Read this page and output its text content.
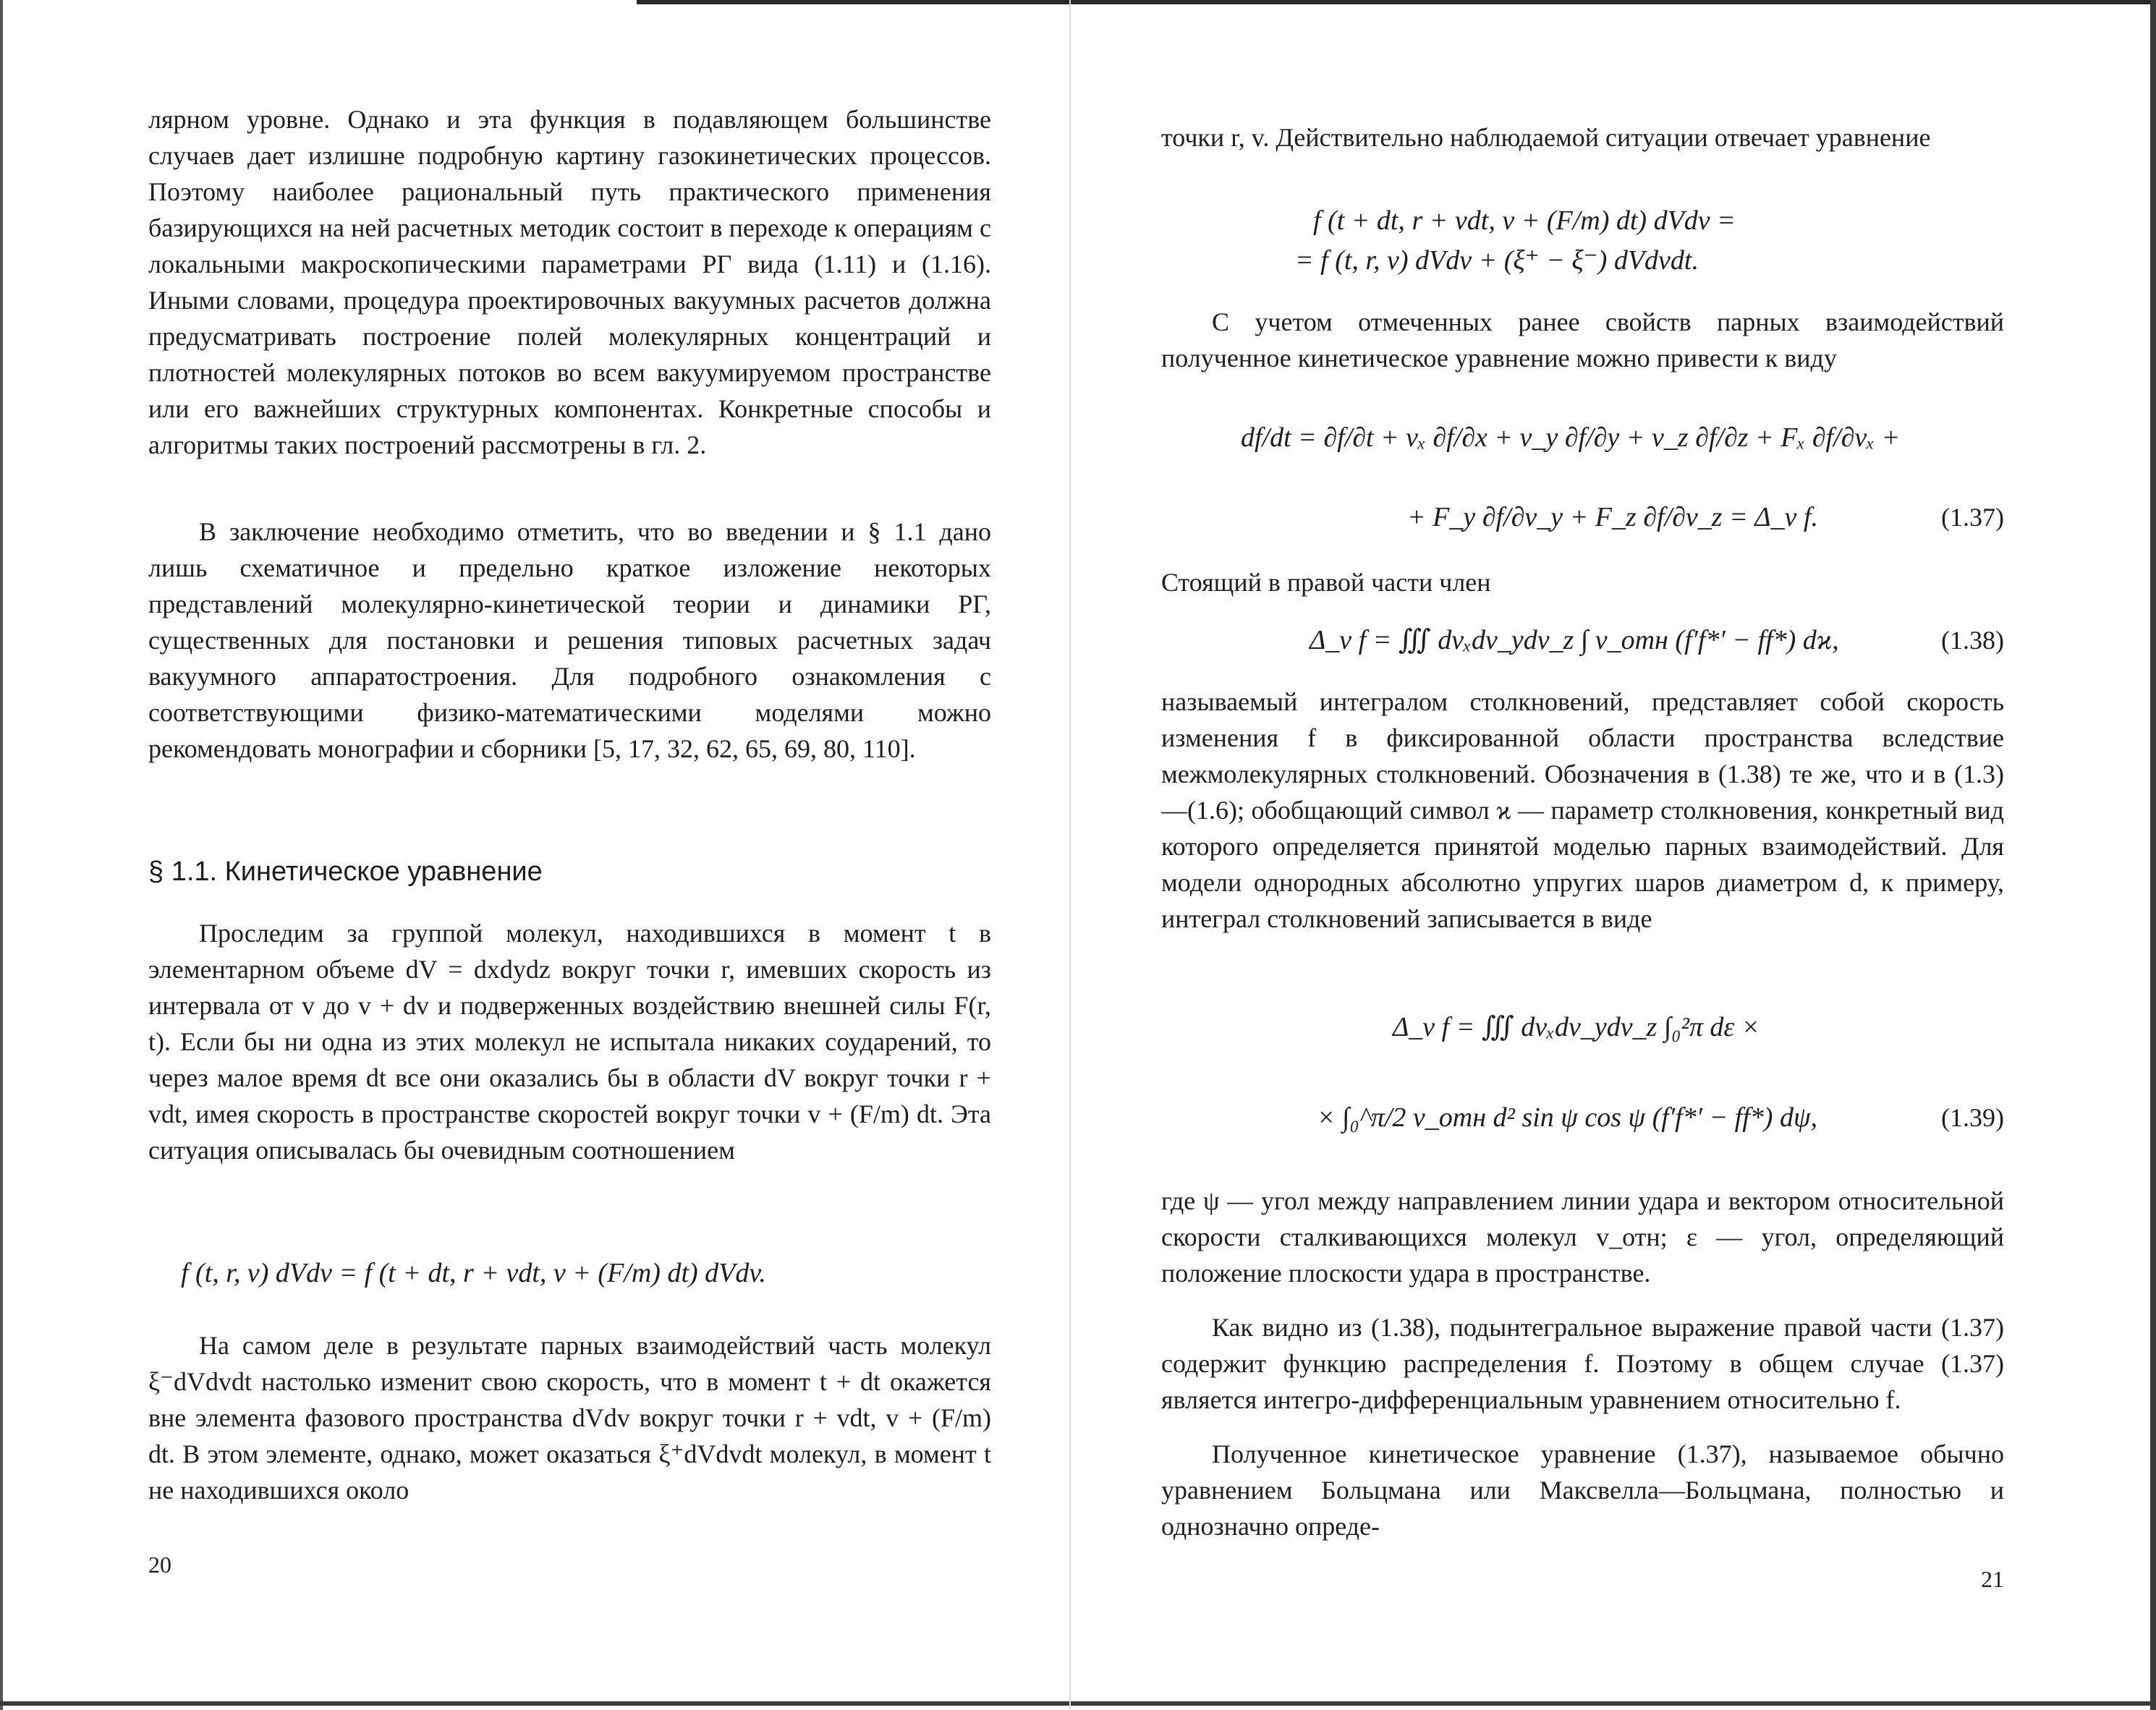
лярном уровне. Однако и эта функция в подавляющем большинстве случаев дает излишне подробную картину газокинетических процессов. Поэтому наиболее рациональный путь практического применения базирующихся на ней расчетных методик состоит в переходе к операциям с локальными макроскопическими параметрами РГ вида (1.11) и (1.16). Иными словами, процедура проектировочных вакуумных расчетов должна предусматривать построение полей молекулярных концентраций и плотностей молекулярных потоков во всем вакуумируемом пространстве или его важнейших структурных компонентах. Конкретные способы и алгоритмы таких построений рассмотрены в гл. 2.

В заключение необходимо отметить, что во введении и § 1.1 дано лишь схематичное и предельно краткое изложение некоторых представлений молекулярно-кинетической теории и динамики РГ, существенных для постановки и решения типовых расчетных задач вакуумного аппаратостроения. Для подробного ознакомления с соответствующими физико-математическими моделями можно рекомендовать монографии и сборники [5, 17, 32, 62, 65, 69, 80, 110].

§ 1.1. Кинетическое уравнение

Проследим за группой молекул, находившихся в момент t в элементарном объеме dV = dxdydz вокруг точки r, имевших скорость из интервала от v до v + dv и подверженных воздействию внешней силы F(r, t). Если бы ни одна из этих молекул не испытала никаких соударений, то через малое время dt все они оказались бы в области dV вокруг точки r + vdt, имея скорость в пространстве скоростей вокруг точки v + (F/m) dt. Эта ситуация описывалась бы очевидным соотношением

f (t, r, v) dVdv = f (t + dt, r + vdt, v + (F/m) dt) dVdv.

На самом деле в результате парных взаимодействий часть молекул ξ⁻dVdvdt настолько изменит свою скорость, что в момент t + dt окажется вне элемента фазового пространства dVdv вокруг точки r + vdt, v + (F/m) dt. В этом элементе, однако, может оказаться ξ⁺dVdvdt молекул, в момент t не находившихся около

20

точки r, v. Действительно наблюдаемой ситуации отвечает уравнение

f (t + dt, r + vdt, v + (F/m) dt) dVdv =
= f (t, r, v) dVdv + (ξ⁺ − ξ⁻) dVdvdt.

С учетом отмеченных ранее свойств парных взаимодействий полученное кинетическое уравнение можно привести к виду

df/dt = ∂f/∂t + vₓ ∂f/∂x + v_y ∂f/∂y + v_z ∂f/∂z + Fₓ ∂f/∂vₓ +
+ F_y ∂f/∂v_y + F_z ∂f/∂v_z = Δ_v f.	(1.37)

Стоящий в правой части член

Δ_v f = ∭ dvₓdv_ydv_z ∫ v_отн (f′f*′ − ff*) dϰ,	(1.38)

называемый интегралом столкновений, представляет собой скорость изменения f в фиксированной области пространства вследствие межмолекулярных столкновений. Обозначения в (1.38) те же, что и в (1.3)—(1.6); обобщающий символ ϰ — параметр столкновения, конкретный вид которого определяется принятой моделью парных взаимодействий. Для модели однородных абсолютно упругих шаров диаметром d, к примеру, интеграл столкновений записывается в виде

Δ_v f = ∭ dvₓdv_ydv_z ∫₀²π dε ×
× ∫₀^π/2 v_отн d² sin ψ cos ψ (f′f*′ − ff*) dψ,	(1.39)

где ψ — угол между направлением линии удара и вектором относительной скорости сталкивающихся молекул v_отн; ε — угол, определяющий положение плоскости удара в пространстве.

Как видно из (1.38), подынтегральное выражение правой части (1.37) содержит функцию распределения f. Поэтому в общем случае (1.37) является интегро-дифференциальным уравнением относительно f.

Полученное кинетическое уравнение (1.37), называемое обычно уравнением Больцмана или Максвелла—Больцмана, полностью и однозначно опреде-

21
